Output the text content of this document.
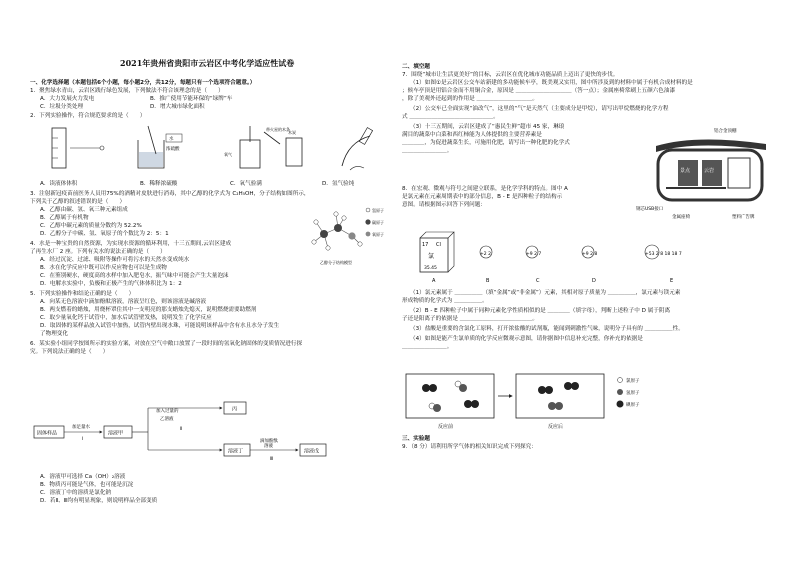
2021年贵州省贵阳市云岩区中考化学适应性试卷
一、化学选择题（本题包括6个小题，每小题2分，共12分，每题只有一个选项符合题意。）
1．聚焦绿水青山，云岩区践行绿色发展，下列做法不符合该理念的是（　　）
A．大力发展火力发电	B．推广使用节能环保的“绿牌”车
C．垃圾分类处理	D．增大城市绿化面积
2．下列实验操作，符合规范要求的是（　　）
水
浓硫酸
带火星的木条
氧气
木炭
A．读液体体积	B．稀释浓硫酸	C．氧气验满	D．氢气验纯
3．注射新冠疫苗前医务人员用75%的酒精对皮肤进行消毒，其中乙醇的化学式为 C₂H₅OH，分子结构如图所示，
下列关于乙醇的叙述错误的是（　　）
A．乙醇由碳、氢、氧三种元素组成
B．乙醇属于有机物
C．乙醇中碳元素的质量分数约为 52.2%
D．乙醇分子中碳、氢、氧原子的个数比为 2：5：1
氢原子
碳原子
氧原子
乙醇分子结构模型
4．水是一种宝贵的自然资源，为实现水资源的循环利用，十三五期间,云岩区建成
了再生水厂 2 座。下列有关水的说法正确的是（　　）
A．经过沉淀、过滤、吸附等操作可将污水的天然水变成纯水
B．水在化学反应中既可以作反应物也可以是生成物
C．在鉴别硬水，硬度高的水样中加入肥皂水，振气味中可能会产生大量泡沫
D．电解水实验中，负极和正极产生的气体体积比为 1：2
5．下列实验操作和结论正确的是（　　）
A．向某无色溶液中滴加酚酞溶液，溶液呈红色，则该溶液是碱溶液
B．两支燃着的蜡烛，用烧杯罩住其中一支明亮的那支蜡烛先熄灭，说明燃烧需要助燃剂
C．取少量氧化钙于试管中，加水后试管壁发热，说明发生了化学反应
D．取固体的某样品放入试管中加热，试管内壁出现水珠，可能说明该样品中含有水且水分子发生
了物理变化
6．某实验小组同学按图所示的实验方案，对放在空气中敞口放置了一段时间的氢氧化钠固体的变质情况进行探
究。下列说法正确的是（　　）
固体样品
加足量水
Ⅰ
溶液甲
加入过量的
乙溶液
Ⅱ
丙
溶液丁
滴加酚酞
溶液
Ⅲ
溶液戊
A．溶液甲可选择 Ca（OH）₂溶液
B．物质丙可能是气体，也可能是沉淀
C．溶液丁中的溶质是氯化钠
D．若Ⅱ、Ⅲ均有明显现象，则说明样品全部变质
二、填空题
7．围绕“城市让生活更美好”的目标，云岩区在优化城市功能品质上迈出了更快的步伐。
（1）如图①是云岩区公交车站新建的多功能候车亭，既美观又实用，图中所涉及到的材料中属于有机合成材料的是
；候车亭顶是用铝合金而不用铜合金，原因是 ＿＿＿＿＿＿＿＿＿＿（答一点）；金属座椅常刷上五颜六色油漆
，除了美观外还起到的作用是 ＿＿＿＿＿＿＿＿＿＿。
（2）公交车已全面实现“油改气”，这里的“气”是天然气（主要成分是甲烷），请写出甲烷燃烧的化学方程
式 ＿＿＿＿＿＿＿＿＿＿＿＿＿＿＿。
（3）十三五期间，云岩区建成了“惠民生鲜”超市 45 家，琳琅
满目的蔬菜中白菜和西红柿能为人体提供的主要营养素是
＿＿＿＿，为促进蔬菜生长，可施用化肥，请写出一种化肥的化学式
＿＿＿＿＿＿＿＿。
铝合金顶棚
景点	云岩
钢芯USB接口
金属座椅	塑料广告牌
8．在宏观、微观与符号之间建立联系，是化学学科的特点。图中 A
是氯元素在元素周期表中的部分信息，B - E 是四种粒子的结构示
意图。请根据图示回答下列问题：
17 Cl
氯
35.45
A
+2 2
B
+9 2 7
C
+9 2 8
D
+53 2 8 18 18 7
E
（1）氯元素属于 ＿＿＿＿＿（填“金属”或“非金属”）元素，其相对原子质量为 ＿＿＿＿＿，氯元素与镁元素
形成物质的化学式为 ＿＿＿＿＿。
（2）B - E 四种粒子中属于同种元素化学性质相似的是 ＿＿＿＿（填字母），判断上述粒子中 D 属于阴离
子还是阳离子的依据是 ＿＿＿＿＿＿＿＿＿＿＿＿＿。
（3）盐酸是重要的含氯化工原料，打开浓盐酸的试剂瓶，能闻到刺激性气味，说明分子具有的 ＿＿＿＿＿性。
（4）如图是能产生氯单质的化学反应微观示意图，请你据图中信息补充完整，你补充的依据是
＿＿＿＿＿＿＿＿。
反应前	反应后
氯原子
氢原子
碘原子
三、实验题
9．（8 分）请利用所学气体的相关知识完成下列探究：
